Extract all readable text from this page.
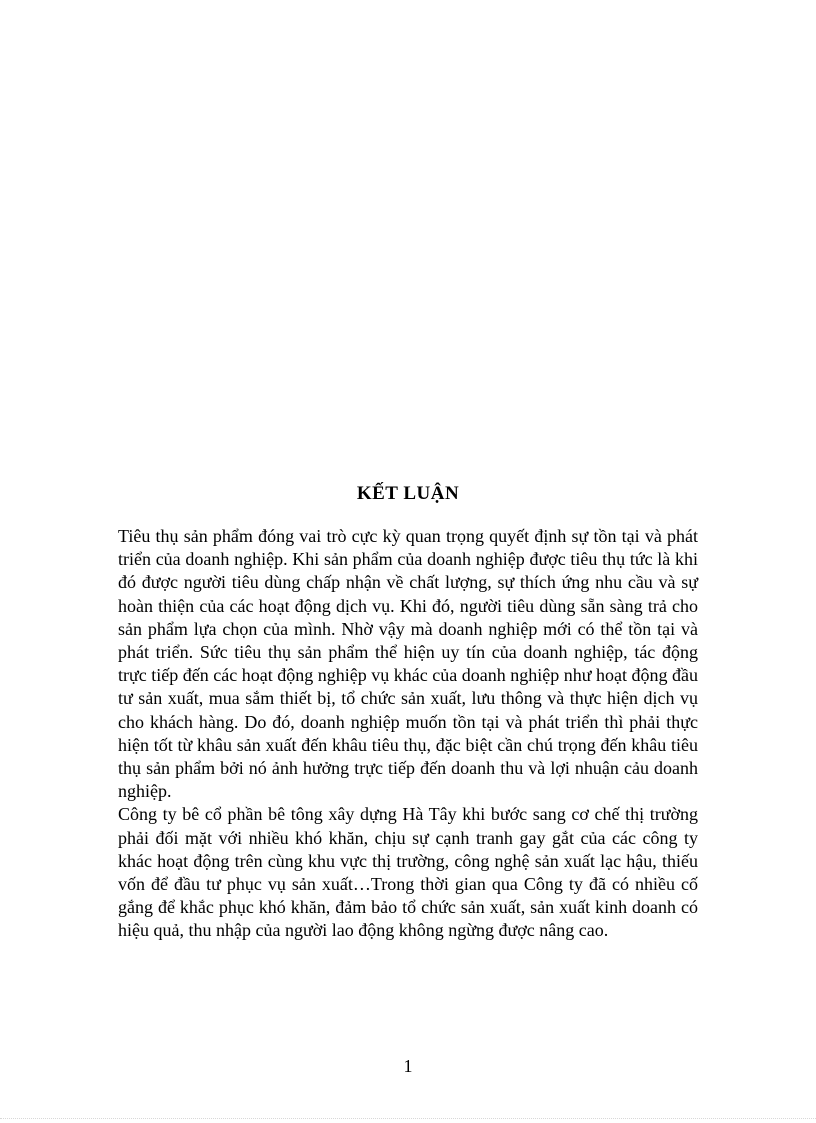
KẾT LUẬN

Tiêu thụ sản phẩm đóng vai trò cực kỳ quan trọng quyết định sự tồn tại và phát triển của doanh nghiệp. Khi sản phẩm của doanh nghiệp được tiêu thụ tức là khi đó được người tiêu dùng chấp nhận về chất lượng, sự thích ứng nhu cầu và sự hoàn thiện của các hoạt động dịch vụ. Khi đó, người tiêu dùng sẵn sàng trả cho sản phẩm lựa chọn của mình. Nhờ vậy mà doanh nghiệp mới có thể tồn tại và phát triển. Sức tiêu thụ sản phẩm thể hiện uy tín của doanh nghiệp, tác động trực tiếp đến các hoạt động nghiệp vụ khác của doanh nghiệp như hoạt động đầu tư sản xuất, mua sắm thiết bị, tổ chức sản xuất, lưu thông và thực hiện dịch vụ cho khách hàng. Do đó, doanh nghiệp muốn tồn tại và phát triển thì phải thực hiện tốt từ khâu sản xuất đến khâu tiêu thụ, đặc biệt cần chú trọng đến khâu tiêu thụ sản phẩm bởi nó ảnh hưởng trực tiếp đến doanh thu và lợi nhuận cảu doanh nghiệp.

Công ty bê cổ phần bê tông xây dựng Hà Tây khi bước sang cơ chế thị trường phải đối mặt với nhiều khó khăn, chịu sự cạnh tranh gay gắt của các công ty khác hoạt động trên cùng khu vực thị trường, công nghệ sản xuất lạc hậu, thiếu vốn để đầu tư phục vụ sản xuất…Trong thời gian qua Công ty đã có nhiều cố gắng để khắc phục khó khăn, đảm bảo tổ chức sản xuất, sản xuất kinh doanh có hiệu quả, thu nhập của người lao động không ngừng được nâng cao.

1
